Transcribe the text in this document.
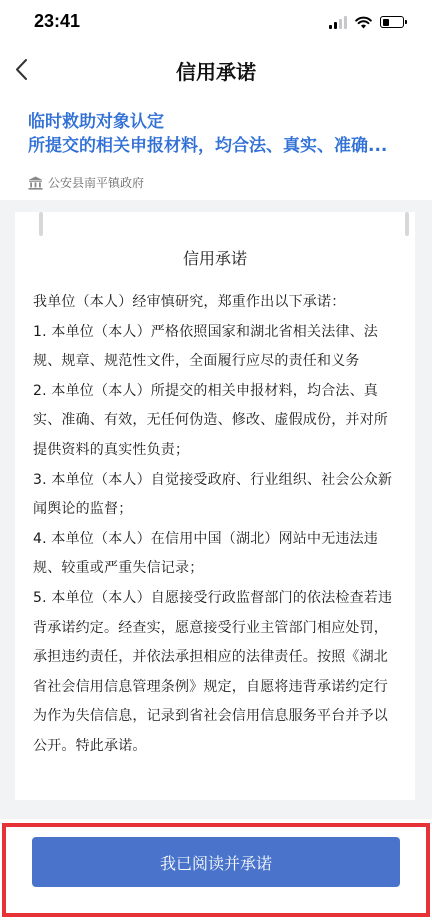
23:41
信用承诺
临时救助对象认定
所提交的相关申报材料，均合法、真实、准确...
公安县南平镇政府
信用承诺

我单位（本人）经审慎研究，郑重作出以下承诺：

1. 本单位（本人）严格依照国家和湖北省相关法律、法规、规章、规范性文件，全面履行应尽的责任和义务

2. 本单位（本人）所提交的相关申报材料，均合法、真实、准确、有效，无任何伪造、修改、虚假成份，并对所提供资料的真实性负责；

3. 本单位（本人）自觉接受政府、行业组织、社会公众新闻舆论的监督；

4. 本单位（本人）在信用中国（湖北）网站中无违法违规、较重或严重失信记录；

5. 本单位（本人）自愿接受行政监督部门的依法检查若违背承诺约定。经查实，愿意接受行业主管部门相应处罚，承担违约责任，并依法承担相应的法律责任。按照《湖北省社会信用信息管理条例》规定，自愿将违背承诺约定行为作为失信信息，记录到省社会信用信息服务平台并予以公开。特此承诺。

我已阅读并承诺
